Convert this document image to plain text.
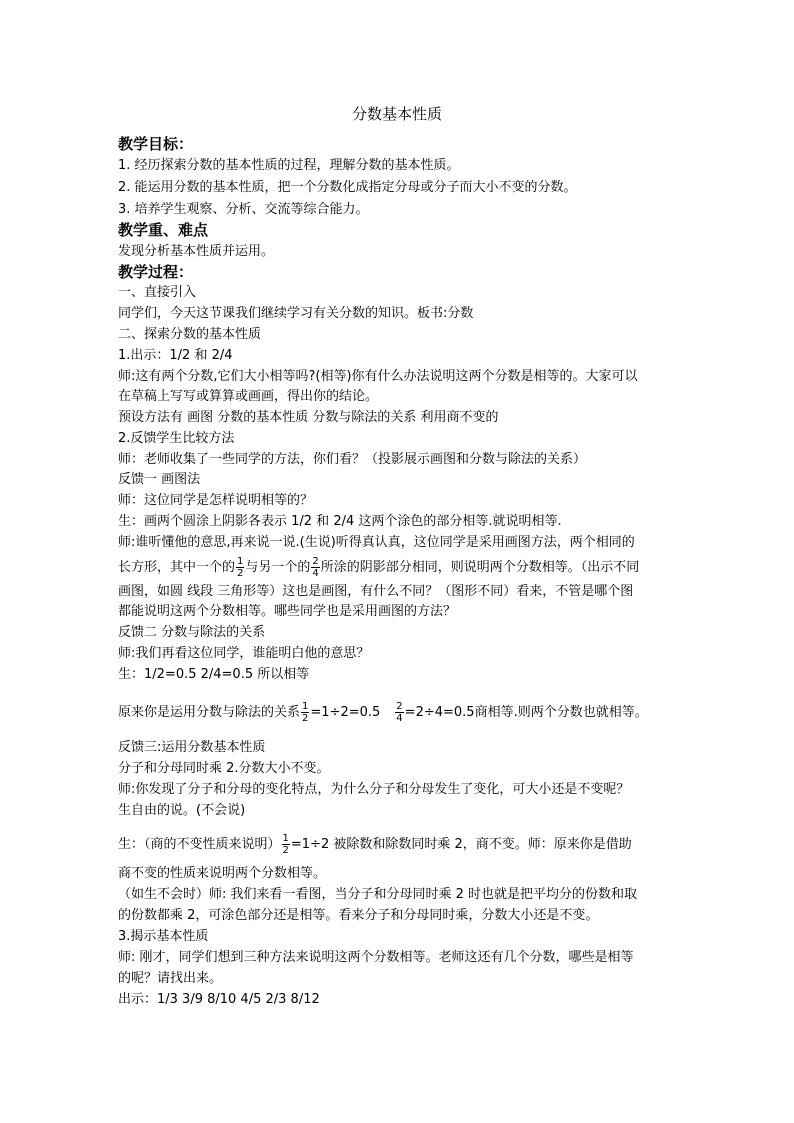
分数基本性质
教学目标：
1. 经历探索分数的基本性质的过程，理解分数的基本性质。
2. 能运用分数的基本性质，把一个分数化成指定分母或分子而大小不变的分数。
3. 培养学生观察、分析、交流等综合能力。
教学重、难点
发现分析基本性质并运用。
教学过程：
一、直接引入
同学们，今天这节课我们继续学习有关分数的知识。板书:分数
二、探索分数的基本性质
1.出示：1/2 和 2/4
师:这有两个分数,它们大小相等吗?(相等)你有什么办法说明这两个分数是相等的。大家可以
在草稿上写写或算算或画画，得出你的结论。
预设方法有 画图 分数的基本性质 分数与除法的关系 利用商不变的
2.反馈学生比较方法
师：老师收集了一些同学的方法，你们看？（投影展示画图和分数与除法的关系）
反馈一 画图法
师：这位同学是怎样说明相等的？
生：画两个圆涂上阴影各表示 1/2 和 2/4 这两个涂色的部分相等.就说明相等.
师:谁听懂他的意思,再来说一说.(生说)听得真认真，这位同学是采用画图方法，两个相同的
长方形，其中一个的 $\frac{1}{2}$ 与另一个的 $\frac{2}{4}$ 所涂的阴影部分相同，则说明两个分数相等。（出示不同
画图，如圆 线段 三角形等）这也是画图，有什么不同？（图形不同）看来，不管是哪个图
都能说明这两个分数相等。哪些同学也是采用画图的方法？
反馈二 分数与除法的关系
师:我们再看这位同学，谁能明白他的意思？
生：1/2=0.5 2/4=0.5 所以相等
原来你是运用分数与除法的关系 $\frac{1}{2} =1\div 2=0.5 \frac{2}{4} =2\div 4=0.5$商相等.则两个分数也就相等。
反馈三:运用分数基本性质
分子和分母同时乘 2.分数大小不变。
师:你发现了分子和分母的变化特点，为什么分子和分母发生了变化，可大小还是不变呢？
生自由的说。(不会说)
生：（商的不变性质来说明） $\frac{1}{2} =1\div 2$ 被除数和除数同时乘 2，商不变。师：原来你是借助
商不变的性质来说明两个分数相等。
（如生不会时）师: 我们来看一看图，当分子和分母同时乘 2 时也就是把平均分的份数和取
的份数都乘 2，可涂色部分还是相等。看来分子和分母同时乘，分数大小还是不变。
3.揭示基本性质
师: 刚才，同学们想到三种方法来说明这两个分数相等。老师这还有几个分数，哪些是相等
的呢？请找出来。
出示：1/3 3/9 8/10 4/5 2/3 8/12
